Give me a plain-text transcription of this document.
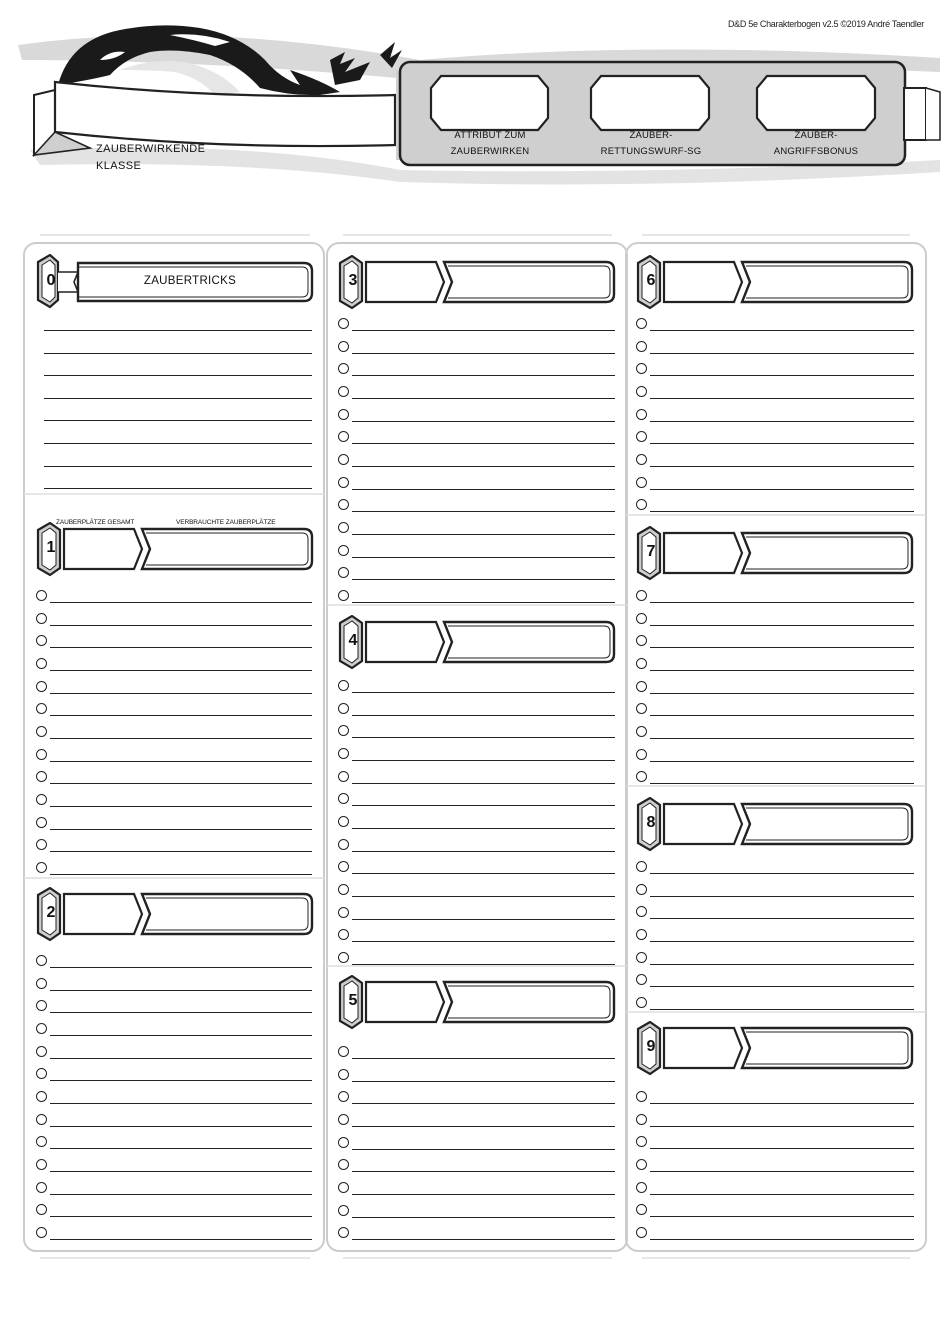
D&D 5e Charakterbogen v2.5 ©2019 André Taendler
ZAUBERWIRKENDE
KLASSE
ATTRIBUT ZUM
ZAUBERWIRKEN
ZAUBER-
RETTUNGSWURF-SG
ZAUBER-
ANGRIFFSBONUS
0	ZAUBERTRICKS
1
ZAUBERPLÄTZE GESAMT	VERBRAUCHTE ZAUBERPLÄTZE
2
3
4
5
6
7
8
9
